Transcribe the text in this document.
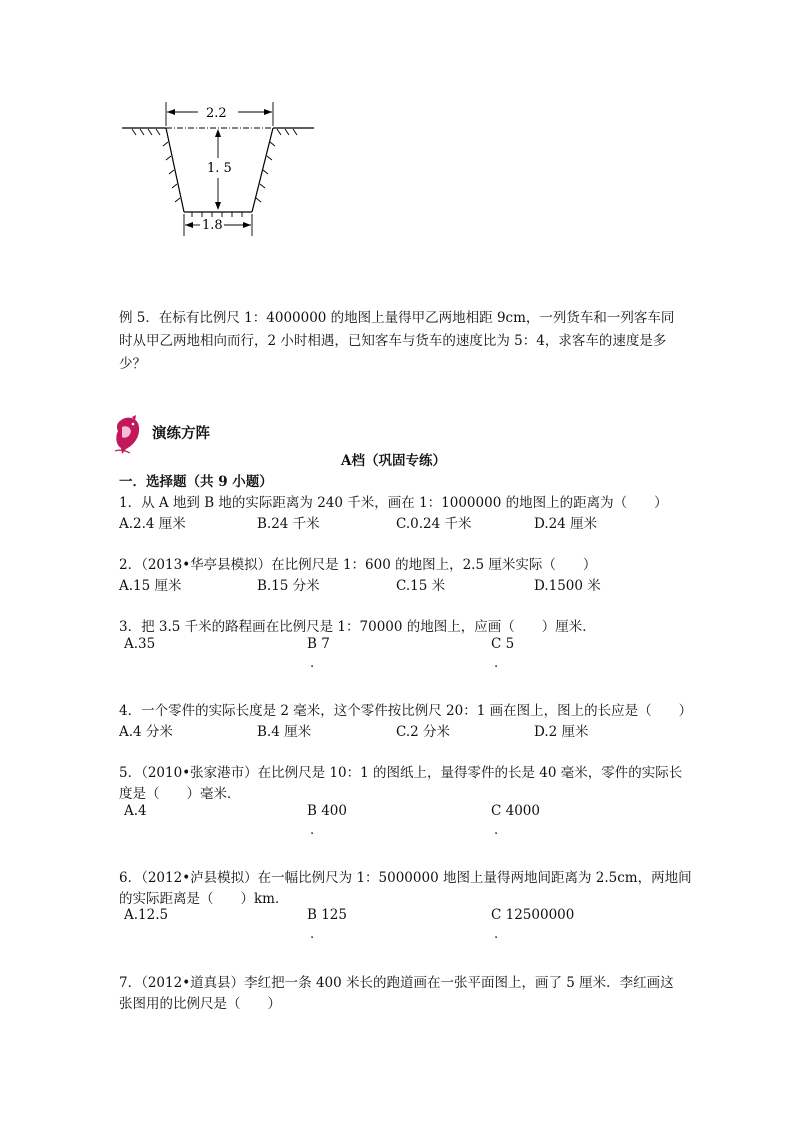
2.2
1. 5
1.8
例 5．在标有比例尺 1：4000000 的地图上量得甲乙两地相距 9cm，一列货车和一列客车同
时从甲乙两地相向而行，2 小时相遇，已知客车与货车的速度比为 5：4，求客车的速度是多
少？
演练方阵
A档（巩固专练）
一．选择题（共 9 小题）
1．从 A 地到 B 地的实际距离为 240 千米，画在 1：1000000 的地图上的距离为（　　）
A.2.4 厘米	B.24 千米	C.0.24 千米	D.24 厘米
2．（2013•华亭县模拟）在比例尺是 1：600 的地图上，2.5 厘米实际（　　）
A.15 厘米	B.15 分米	C.15 米	D.1500 米
3．把 3.5 千米的路程画在比例尺是 1：70000 的地图上，应画（　　）厘米．
A.35	B 7	C 5
.	.
4．一个零件的实际长度是 2 毫米，这个零件按比例尺 20：1 画在图上，图上的长应是（　　）
A.4 分米	B.4 厘米	C.2 分米	D.2 厘米
5．（2010•张家港市）在比例尺是 10：1 的图纸上，量得零件的长是 40 毫米，零件的实际长
度是（　　）毫米．
A.4	B 400	C 4000
.	.
6．（2012•泸县模拟）在一幅比例尺为 1：5000000 地图上量得两地间距离为 2.5cm，两地间
的实际距离是（　　）km．
A.12.5	B 125	C 12500000
.	.
7．（2012•道真县）李红把一条 400 米长的跑道画在一张平面图上，画了 5 厘米．李红画这
张图用的比例尺是（　　）
